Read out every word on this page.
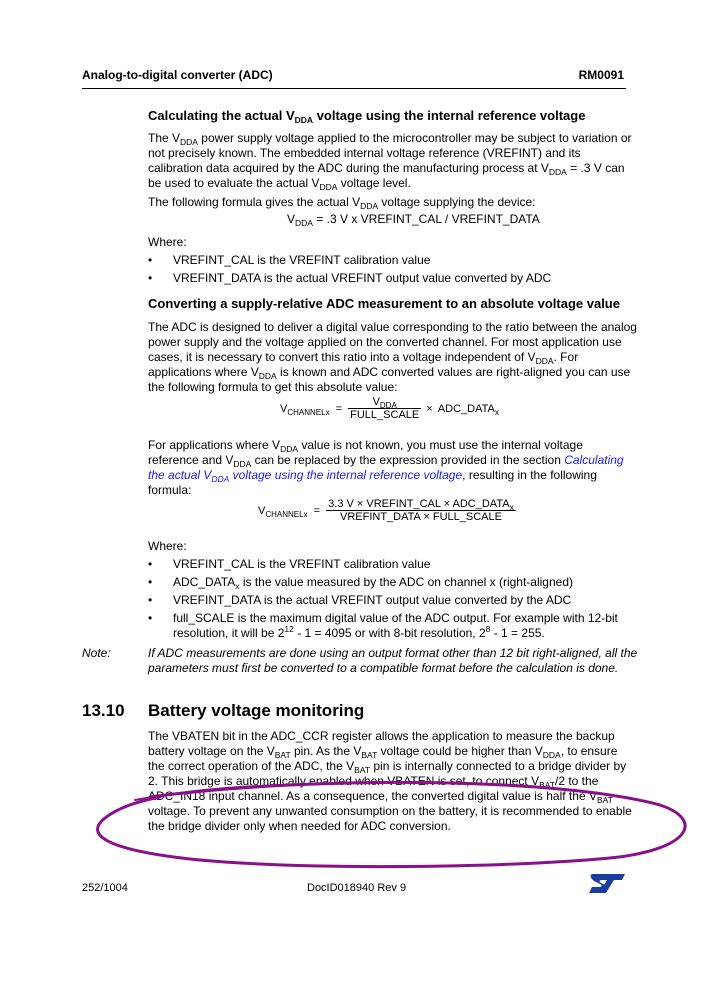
Analog-to-digital converter (ADC)	RM0091
Calculating the actual $V_{DDA}$ voltage using the internal reference voltage
The $V_{DDA}$ power supply voltage applied to the microcontroller may be subject to variation or
not precisely known. The embedded internal voltage reference (VREFINT) and its
calibration data acquired by the ADC during the manufacturing process at $V_{DDA} = .3$ V can
be used to evaluate the actual $V_{DDA}$ voltage level.
The following formula gives the actual $V_{DDA}$ voltage supplying the device:
$V_{DDA} = .3$ V x VREFINT_CAL / VREFINT_DATA
Where:
• VREFINT_CAL is the VREFINT calibration value
• VREFINT_DATA is the actual VREFINT output value converted by ADC
Converting a supply-relative ADC measurement to an absolute voltage value
The ADC is designed to deliver a digital value corresponding to the ratio between the analog
power supply and the voltage applied on the converted channel. For most application use
cases, it is necessary to convert this ratio into a voltage independent of $V_{DDA}$. For
applications where $V_{DDA}$ is known and ADC converted values are right-aligned you can use
the following formula to get this absolute value:
$V_{CHANNELx} = \frac{V_{DDA}}{\text{FULL\_SCALE}}$ × $ADC\_DATA_x$
For applications where $V_{DDA}$ value is not known, you must use the internal voltage
reference and $V_{DDA}$ can be replaced by the expression provided in the section Calculating
the actual $V_{DDA}$ voltage using the internal reference voltage, resulting in the following
formula:
$V_{CHANNELx} = \frac{3.3 V \times VREFINT\_CAL \times ADC\_DATA_x}{\text{VREFINT\_DATA × FULL\_SCALE}}$
Where:
• VREFINT_CAL is the VREFINT calibration value
• $ADC\_DATA_x$ is the value measured by the ADC on channel x (right-aligned)
• VREFINT_DATA is the actual VREFINT output value converted by the ADC
• full_SCALE is the maximum digital value of the ADC output. For example with 12-bit
resolution, it will be $2^{12} - 1 = 4095$ or with 8-bit resolution, $2^8 - 1 = 255$.
Note:	If ADC measurements are done using an output format other than 12 bit right-aligned, all the
parameters must first be converted to a compatible format before the calculation is done.
13.10 Battery voltage monitoring
The VBATEN bit in the ADC_CCR register allows the application to measure the backup
battery voltage on the $V_{BAT}$ pin. As the $V_{BAT}$ voltage could be higher than $V_{DDA}$, to ensure
the correct operation of the ADC, the $V_{BAT}$ pin is internally connected to a bridge divider by
2. This bridge is automatically enabled when VBATEN is set, to connect $V_{BAT}/2$ to the
ADC_IN18 input channel. As a consequence, the converted digital value is half the $V_{BAT}$
voltage. To prevent any unwanted consumption on the battery, it is recommended to enable
the bridge divider only when needed for ADC conversion.
252/1004	DocID018940 Rev 9
ST
